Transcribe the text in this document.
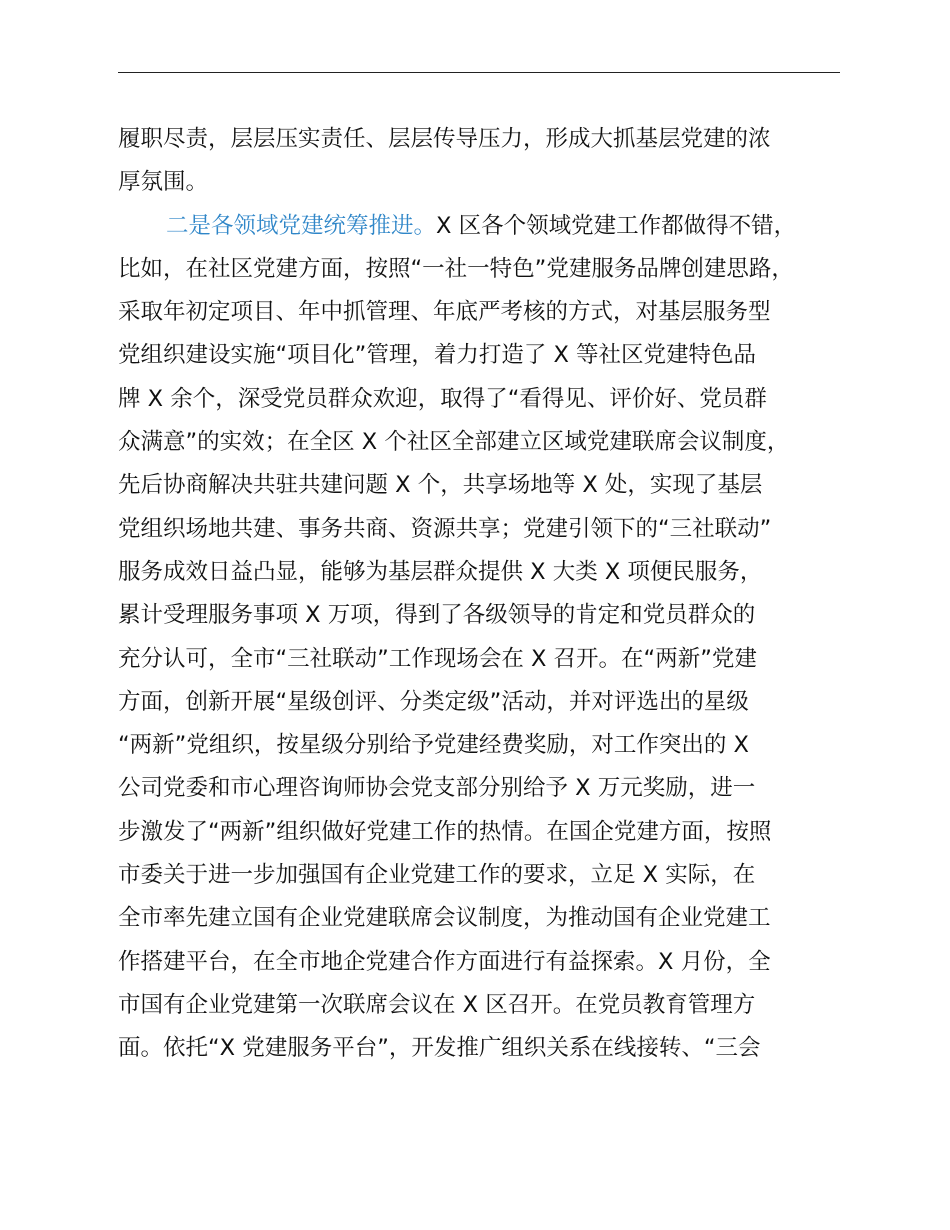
履职尽责，层层压实责任、层层传导压力，形成大抓基层党建的浓
厚氛围。
二是各领域党建统筹推进。X 区各个领域党建工作都做得不错，
比如，在社区党建方面，按照“一社一特色”党建服务品牌创建思路，
采取年初定项目、年中抓管理、年底严考核的方式，对基层服务型
党组织建设实施“项目化”管理，着力打造了 X 等社区党建特色品
牌 X 余个，深受党员群众欢迎，取得了“看得见、评价好、党员群
众满意”的实效；在全区 X 个社区全部建立区域党建联席会议制度，
先后协商解决共驻共建问题 X 个，共享场地等 X 处，实现了基层
党组织场地共建、事务共商、资源共享；党建引领下的“三社联动”
服务成效日益凸显，能够为基层群众提供 X 大类 X 项便民服务，
累计受理服务事项 X 万项，得到了各级领导的肯定和党员群众的
充分认可，全市“三社联动”工作现场会在 X 召开。在“两新”党建
方面，创新开展“星级创评、分类定级”活动，并对评选出的星级
“两新”党组织，按星级分别给予党建经费奖励，对工作突出的 X
公司党委和市心理咨询师协会党支部分别给予 X 万元奖励，进一
步激发了“两新”组织做好党建工作的热情。在国企党建方面，按照
市委关于进一步加强国有企业党建工作的要求，立足 X 实际，在
全市率先建立国有企业党建联席会议制度，为推动国有企业党建工
作搭建平台，在全市地企党建合作方面进行有益探索。X 月份，全
市国有企业党建第一次联席会议在 X 区召开。在党员教育管理方
面。依托“X 党建服务平台”，开发推广组织关系在线接转、“三会
